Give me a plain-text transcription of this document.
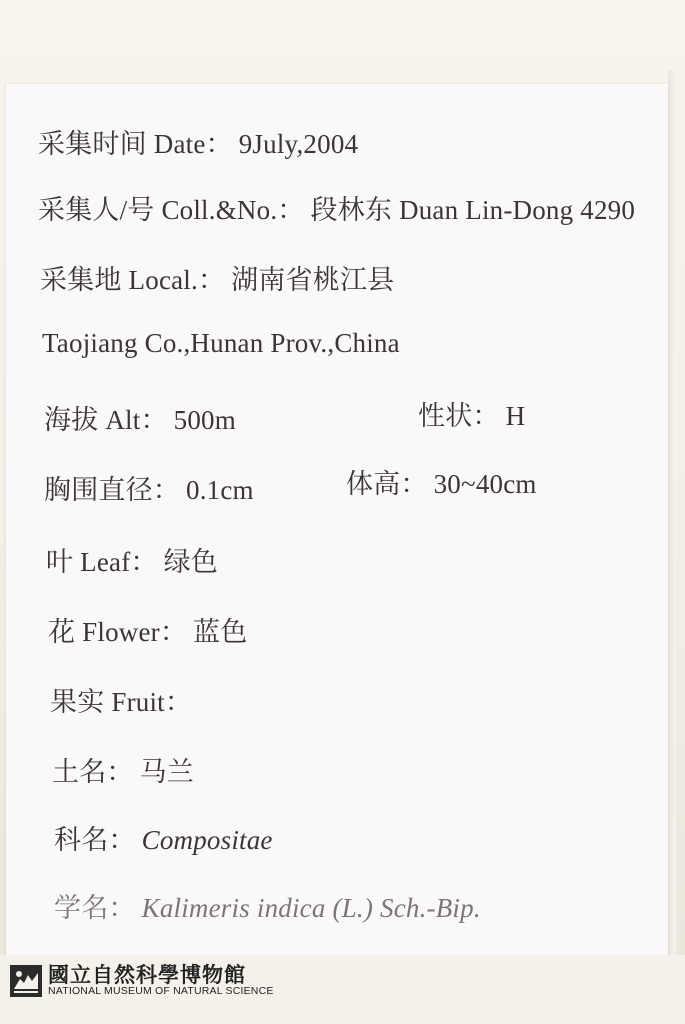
采集时间 Date： 9July,2004
采集人/号 Coll.&No.： 段林东 Duan Lin-Dong 4290
采集地 Local.： 湖南省桃江县
Taojiang Co.,Hunan Prov.,China
海拔 Alt： 500m	性状： H
胸围直径： 0.1cm	体高： 30~40cm
叶 Leaf： 绿色
花 Flower： 蓝色
果实 Fruit：
土名： 马兰
科名： Compositae
学名： Kalimeris indica (L.) Sch.-Bip.
國立自然科學博物館
NATIONAL MUSEUM OF NATURAL SCIENCE
